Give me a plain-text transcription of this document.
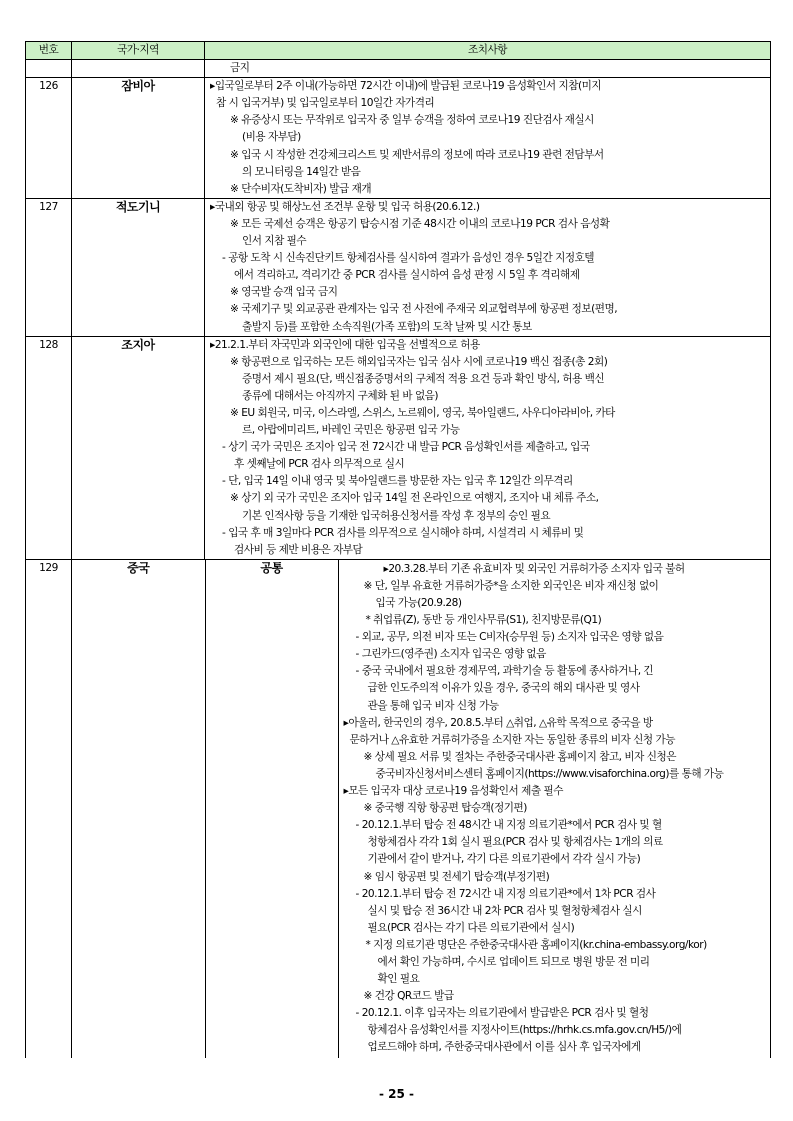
번호	국가·지역	조치사항

금지

126	잠비아	▸입국일로부터 2주 이내(가능하면 72시간 이내)에 발급된 코로나19 음성확인서 지참(미지
참 시 입국거부) 및 입국일로부터 10일간 자가격리
※ 유증상시 또는 무작위로 입국자 중 일부 승객을 정하여 코로나19 진단검사 재실시
(비용 자부담)
※ 입국 시 작성한 건강체크리스트 및 제반서류의 정보에 따라 코로나19 관련 전담부서
의 모니터링을 14일간 받음
※ 단수비자(도착비자) 발급 재개

127	적도기니	▸국내외 항공 및 해상노선 조건부 운항 및 입국 허용(20.6.12.)
※ 모든 국제선 승객은 항공기 탑승시점 기준 48시간 이내의 코로나19 PCR 검사 음성확
인서 지참 필수
- 공항 도착 시 신속진단키트 항체검사를 실시하여 결과가 음성인 경우 5일간 지정호텔
에서 격리하고, 격리기간 중 PCR 검사를 실시하여 음성 판정 시 5일 후 격리해제
※ 영국발 승객 입국 금지
※ 국제기구 및 외교공관 관계자는 입국 전 사전에 주재국 외교협력부에 항공편 정보(편명,
출발지 등)를 포함한 소속직원(가족 포함)의 도착 날짜 및 시간 통보

128	조지아	▸21.2.1.부터 자국민과 외국인에 대한 입국을 선별적으로 허용
※ 항공편으로 입국하는 모든 해외입국자는 입국 심사 시에 코로나19 백신 접종(총 2회)
증명서 제시 필요(단, 백신접종증명서의 구체적 적용 요건 등과 확인 방식, 허용 백신
종류에 대해서는 아직까지 구체화 된 바 없음)
※ EU 회원국, 미국, 이스라엘, 스위스, 노르웨이, 영국, 북아일랜드, 사우디아라비아, 카타
르, 아랍에미리트, 바레인 국민은 항공편 입국 가능
- 상기 국가 국민은 조지아 입국 전 72시간 내 발급 PCR 음성확인서를 제출하고, 입국
후 셋째날에 PCR 검사 의무적으로 실시
- 단, 입국 14일 이내 영국 및 북아일랜드를 방문한 자는 입국 후 12일간 의무격리
※ 상기 외 국가 국민은 조지아 입국 14일 전 온라인으로 여행지, 조지아 내 체류 주소,
기본 인적사항 등을 기재한 입국허용신청서를 작성 후 정부의 승인 필요
- 입국 후 매 3일마다 PCR 검사를 의무적으로 실시해야 하며, 시설격리 시 체류비 및
검사비 등 제반 비용은 자부담

129		중국	공통	▸20.3.28.부터 기존 유효비자 및 외국인 거류허가증 소지자 입국 불허
※ 단, 일부 유효한 거류허가증*을 소지한 외국인은 비자 재신청 없이
입국 가능(20.9.28)
* 취업류(Z), 동반 등 개인사무류(S1), 친지방문류(Q1)
- 외교, 공무, 의전 비자 또는 C비자(승무원 등) 소지자 입국은 영향 없음
- 그린카드(영주권) 소지자 입국은 영향 없음
- 중국 국내에서 필요한 경제무역, 과학기술 등 활동에 종사하거나, 긴
급한 인도주의적 이유가 있을 경우, 중국의 해외 대사관 및 영사
관을 통해 입국 비자 신청 가능
▸아울러, 한국인의 경우, 20.8.5.부터 △취업, △유학 목적으로 중국을 방
문하거나 △유효한 거류허가증을 소지한 자는 동일한 종류의 비자 신청 가능
※ 상세 필요 서류 및 절차는 주한중국대사관 홈페이지 참고, 비자 신청은
중국비자신청서비스센터 홈페이지(https://www.visaforchina.org)를 통해 가능
▸모든 입국자 대상 코로나19 음성확인서 제출 필수
※ 중국행 직항 항공편 탑승객(정기편)
- 20.12.1.부터 탑승 전 48시간 내 지정 의료기관*에서 PCR 검사 및 혈
청항체검사 각각 1회 실시 필요(PCR 검사 및 항체검사는 1개의 의료
기관에서 같이 받거나, 각기 다른 의료기관에서 각각 실시 가능)
※ 임시 항공편 및 전세기 탑승객(부정기편)
- 20.12.1.부터 탑승 전 72시간 내 지정 의료기관*에서 1차 PCR 검사
실시 및 탑승 전 36시간 내 2차 PCR 검사 및 혈청항체검사 실시
필요(PCR 검사는 각기 다른 의료기관에서 실시)
* 지정 의료기관 명단은 주한중국대사관 홈페이지(kr.china-embassy.org/kor)
에서 확인 가능하며, 수시로 업데이트 되므로 병원 방문 전 미리
확인 필요
※ 건강 QR코드 발급
- 20.12.1. 이후 입국자는 의료기관에서 발급받은 PCR 검사 및 혈청
항체검사 음성확인서를 지정사이트(https://hrhk.cs.mfa.gov.cn/H5/)에
업로드해야 하며, 주한중국대사관에서 이를 심사 후 입국자에게
- 25 -
